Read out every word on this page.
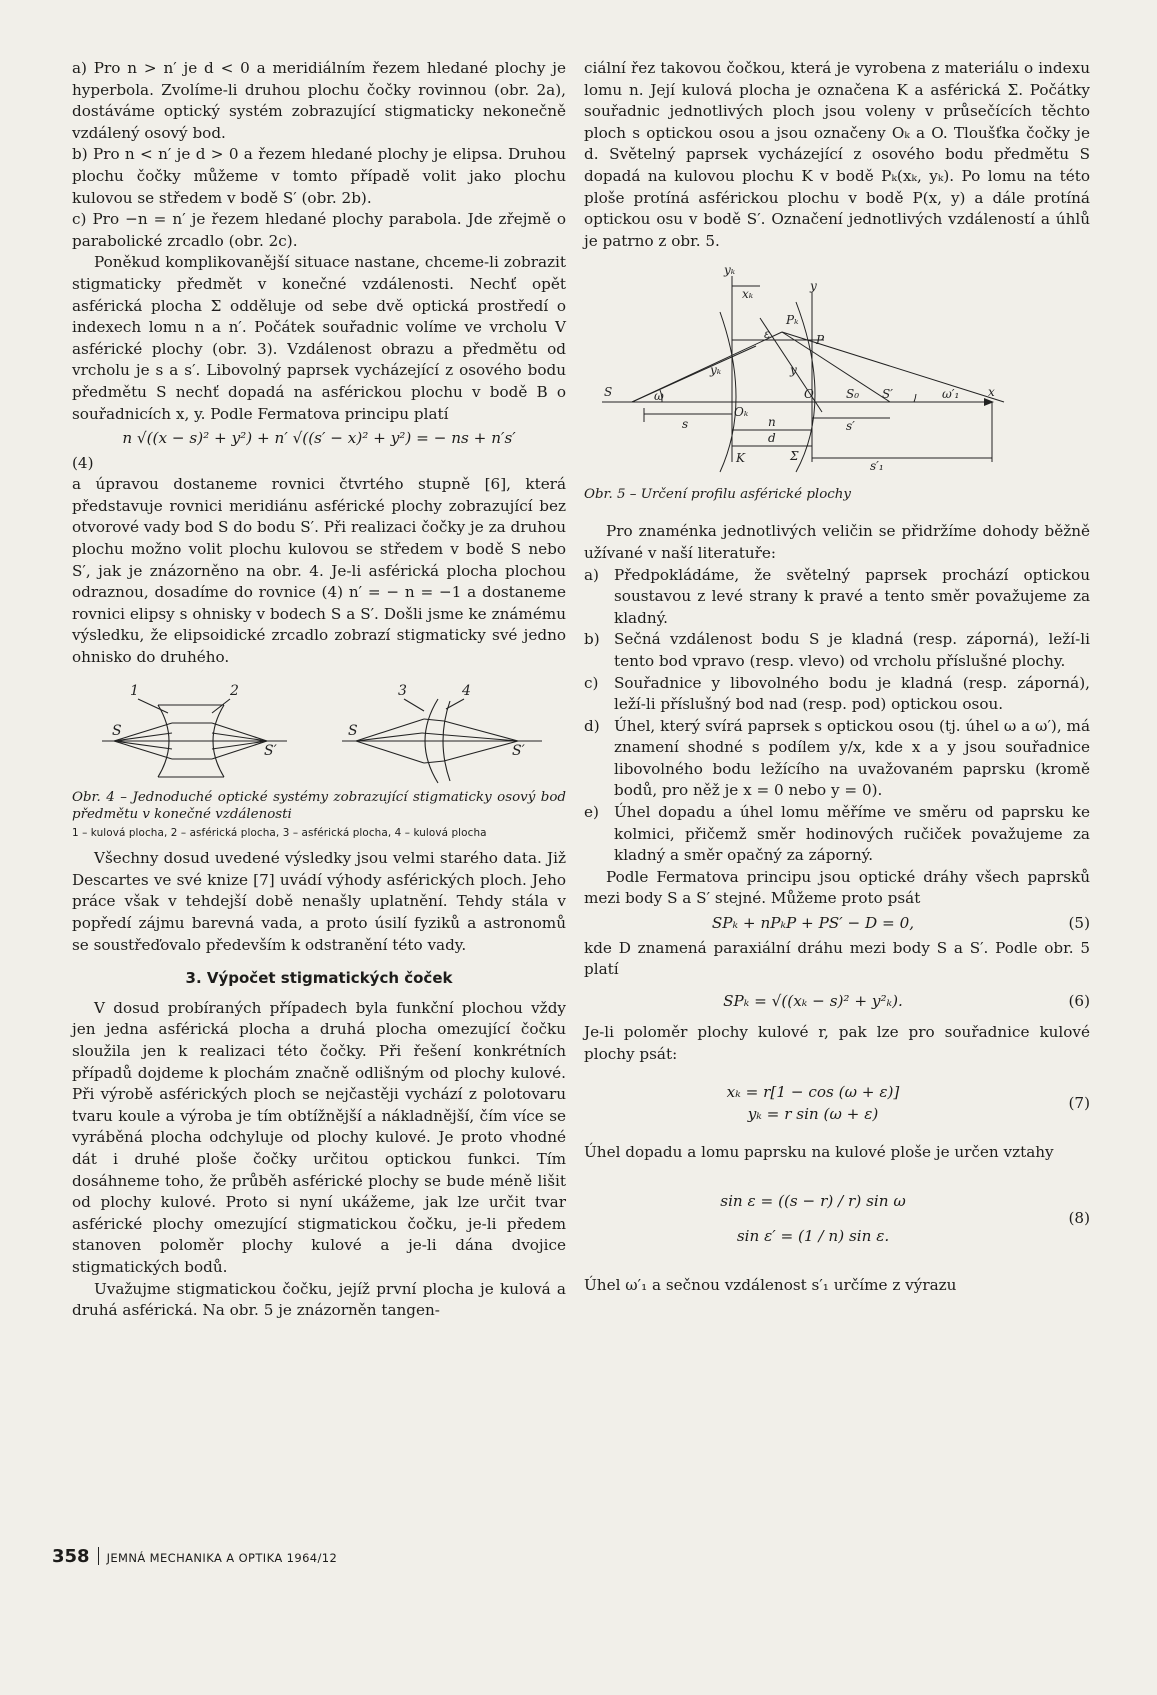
a) Pro n > n′ je d < 0 a meridiálním řezem hledané plochy je hyperbola. Zvolíme-li druhou plochu čočky rovinnou (obr. 2a), dostáváme optický systém zobrazující stigmaticky nekonečně vzdálený osový bod.

b) Pro n < n′ je d > 0 a řezem hledané plochy je elipsa. Druhou plochu čočky můžeme v tomto případě volit jako plochu kulovou se středem v bodě S′ (obr. 2b).

c) Pro −n = n′ je řezem hledané plochy parabola. Jde zřejmě o parabolické zrcadlo (obr. 2c).

Poněkud komplikovanější situace nastane, chceme-li zobrazit stigmaticky předmět v konečné vzdálenosti. Nechť opět asférická plocha Σ odděluje od sebe dvě optická prostředí o indexech lomu n a n′. Počátek souřadnic volíme ve vrcholu V asférické plochy (obr. 3). Vzdálenost obrazu a předmětu od vrcholu je s a s′. Libovolný paprsek vycházející z osového bodu předmětu S nechť dopadá na asférickou plochu v bodě B o souřadnicích x, y. Podle Fermatova principu platí

n √((x − s)² + y²) + n′ √((s′ − x)² + y²) = − ns + n′s′

(4)

a úpravou dostaneme rovnici čtvrtého stupně [6], která představuje rovnici meridiánu asférické plochy zobrazující bez otvorové vady bod S do bodu S′. Při realizaci čočky je za druhou plochu možno volit plochu kulovou se středem v bodě S nebo S′, jak je znázorněno na obr. 4. Je-li asférická plocha plochou odraznou, dosadíme do rovnice (4) n′ = − n = −1 a dostaneme rovnici elipsy s ohnisky v bodech S a S′. Došli jsme ke známému výsledku, že elipsoidické zrcadlo zobrazí stigmaticky své jedno ohnisko do druhého.

1	2	3	4
S
S′
S
S′

Obr. 4 – Jednoduché optické systémy zobrazující stigmaticky osový bod předmětu v konečné vzdálenosti

1 – kulová plocha, 2 – asférická plocha, 3 – asférická plocha, 4 – kulová plocha

Všechny dosud uvedené výsledky jsou velmi starého data. Již Descartes ve své knize [7] uvádí výhody asférických ploch. Jeho práce však v tehdejší době nenašly uplatnění. Tehdy stála v popředí zájmu barevná vada, a proto úsilí fyziků a astronomů se soustřeďovalo především k odstranění této vady.

3. Výpočet stigmatických čoček

V dosud probíraných případech byla funkční plochou vždy jen jedna asférická plocha a druhá plocha omezující čočku sloužila jen k realizaci této čočky. Při řešení konkrétních případů dojdeme k plochám značně odlišným od plochy kulové. Při výrobě asférických ploch se nejčastěji vychází z polotovaru tvaru koule a výroba je tím obtížnější a nákladnější, čím více se vyráběná plocha odchyluje od plochy kulové. Je proto vhodné dát i druhé ploše čočky určitou optickou funkci. Tím dosáhneme toho, že průběh asférické plochy se bude méně lišit od plochy kulové. Proto si nyní ukážeme, jak lze určit tvar asférické plochy omezující stigmatickou čočku, je-li předem stanoven poloměr plochy kulové a je-li dána dvojice stigmatických bodů.

Uvažujme stigmatickou čočku, jejíž první plocha je kulová a druhá asférická. Na obr. 5 je znázorněn tangen-

ciální řez takovou čočkou, která je vyrobena z materiálu o indexu lomu n. Její kulová plocha je označena K a asférická Σ. Počátky souřadnic jednotlivých ploch jsou voleny v průsečících těchto ploch s optickou osou a jsou označeny Oₖ a O. Tloušťka čočky je d. Světelný paprsek vycházející z osového bodu předmětu S dopadá na kulovou plochu K v bodě Pₖ(xₖ, yₖ). Po lomu na této ploše protíná asférickou plochu v bodě P(x, y) a dále protíná optickou osu v bodě S′. Označení jednotlivých vzdáleností a úhlů je patrno z obr. 5.

S	ω
Oₖ
O	S₀ S′	ω′₁ x
yₖ
xₖ
y
Pₖ
P
ε
yₖ	y
s	n	s′
d
K	Σ
s′₁

Obr. 5 – Určení profilu asférické plochy

Pro znaménka jednotlivých veličin se přidržíme dohody běžně užívané v naší literatuře:

a) Předpokládáme, že světelný paprsek prochází optickou soustavou z levé strany k pravé a tento směr považujeme za kladný.
b) Sečná vzdálenost bodu S je kladná (resp. záporná), leží-li tento bod vpravo (resp. vlevo) od vrcholu příslušné plochy.
c)	Souřadnice y libovolného bodu je kladná (resp. záporná), leží-li příslušný bod nad (resp. pod) optickou osou.
d) Úhel, který svírá paprsek s optickou osou (tj. úhel ω a ω′), má znamení shodné s podílem y/x, kde x a y jsou souřadnice libovolného bodu ležícího na uvažovaném paprsku (kromě bodů, pro něž je x = 0 nebo y = 0).
e) Úhel dopadu a úhel lomu měříme ve směru od paprsku ke kolmici, přičemž směr hodinových ručiček považujeme za kladný a směr opačný za záporný.

Podle Fermatova principu jsou optické dráhy všech paprsků mezi body S a S′ stejné. Můžeme proto psát

SPₖ + nPₖP + PS′ − D = 0,	(5)

kde D znamená paraxiální dráhu mezi body S a S′. Podle obr. 5 platí

SPₖ = √((xₖ − s)² + y²ₖ).	(6)

Je-li poloměr plochy kulové r, pak lze pro souřadnice kulové plochy psát:

xₖ = r[1 − cos (ω + ε)]
yₖ = r sin (ω + ε)
(7)

Úhel dopadu a lomu paprsku na kulové ploše je určen vztahy

sin ε = ((s − r) / r) sin ω
sin ε′ = (1 / n) sin ε.
(8)

Úhel ω′₁ a sečnou vzdálenost s′₁ určíme z výrazu

358 JEMNÁ MECHANIKA A OPTIKA 1964/12
